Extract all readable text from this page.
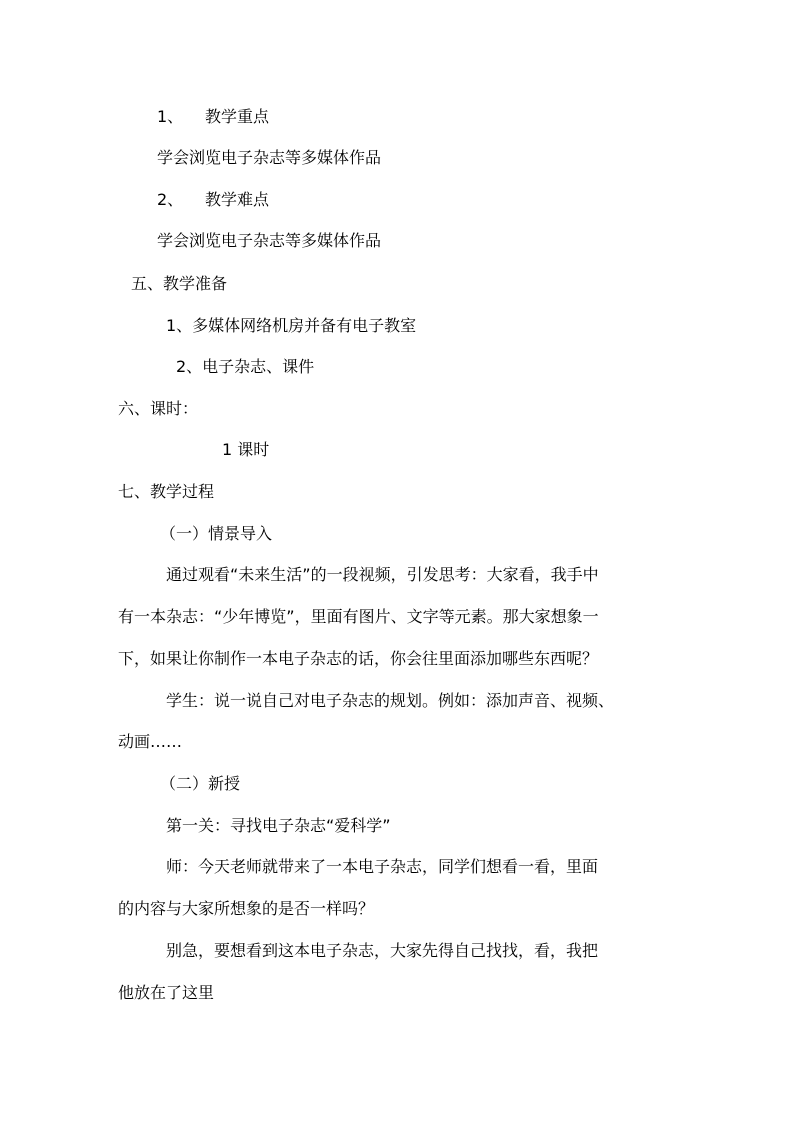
1、 教学重点
学会浏览电子杂志等多媒体作品
2、 教学难点
学会浏览电子杂志等多媒体作品
五、教学准备
1、多媒体网络机房并备有电子教室
2、电子杂志、课件
六、课时：
1 课时
七、教学过程
（一）情景导入
通过观看“未来生活”的一段视频，引发思考：大家看，我手中
有一本杂志：“少年博览”，里面有图片、文字等元素。那大家想象一
下，如果让你制作一本电子杂志的话，你会往里面添加哪些东西呢？
学生：说一说自己对电子杂志的规划。例如：添加声音、视频、
动画……
（二）新授
第一关：寻找电子杂志“爱科学”
师：今天老师就带来了一本电子杂志，同学们想看一看，里面
的内容与大家所想象的是否一样吗？
别急，要想看到这本电子杂志，大家先得自己找找，看，我把
他放在了这里
